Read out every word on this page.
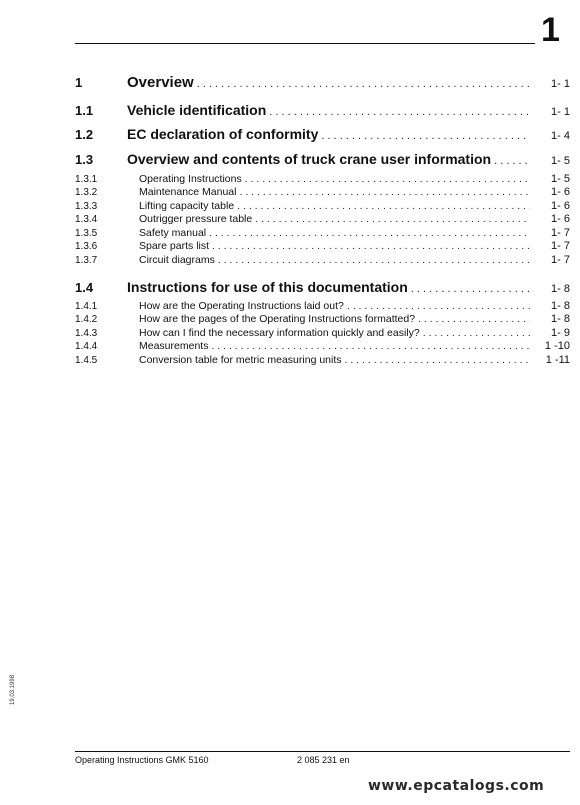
1
1	Overview . . .	1- 1
1.1	Vehicle identification . . .	1- 1
1.2	EC declaration of conformity . . .	1- 4
1.3	Overview and contents of truck crane user information . . .	1- 5
1.3.1	Operating Instructions . . .	1- 5
1.3.2	Maintenance Manual . . .	1- 6
1.3.3	Lifting capacity table . . .	1- 6
1.3.4	Outrigger pressure table . . .	1- 6
1.3.5	Safety manual . . .	1- 7
1.3.6	Spare parts list . . .	1- 7
1.3.7	Circuit diagrams . . .	1- 7
1.4	Instructions for use of this documentation . . .	1- 8
1.4.1	How are the Operating Instructions laid out? . . .	1- 8
1.4.2	How are the pages of the Operating Instructions formatted? . . .	1- 8
1.4.3	How can I find the necessary information quickly and easily? . . .	1- 9
1.4.4	Measurements . . .	1 -10
1.4.5	Conversion table for metric measuring units . . .	1 -11
19.03.1998
Operating Instructions GMK 5160	2 085 231 en
www.epcatalogs.com
